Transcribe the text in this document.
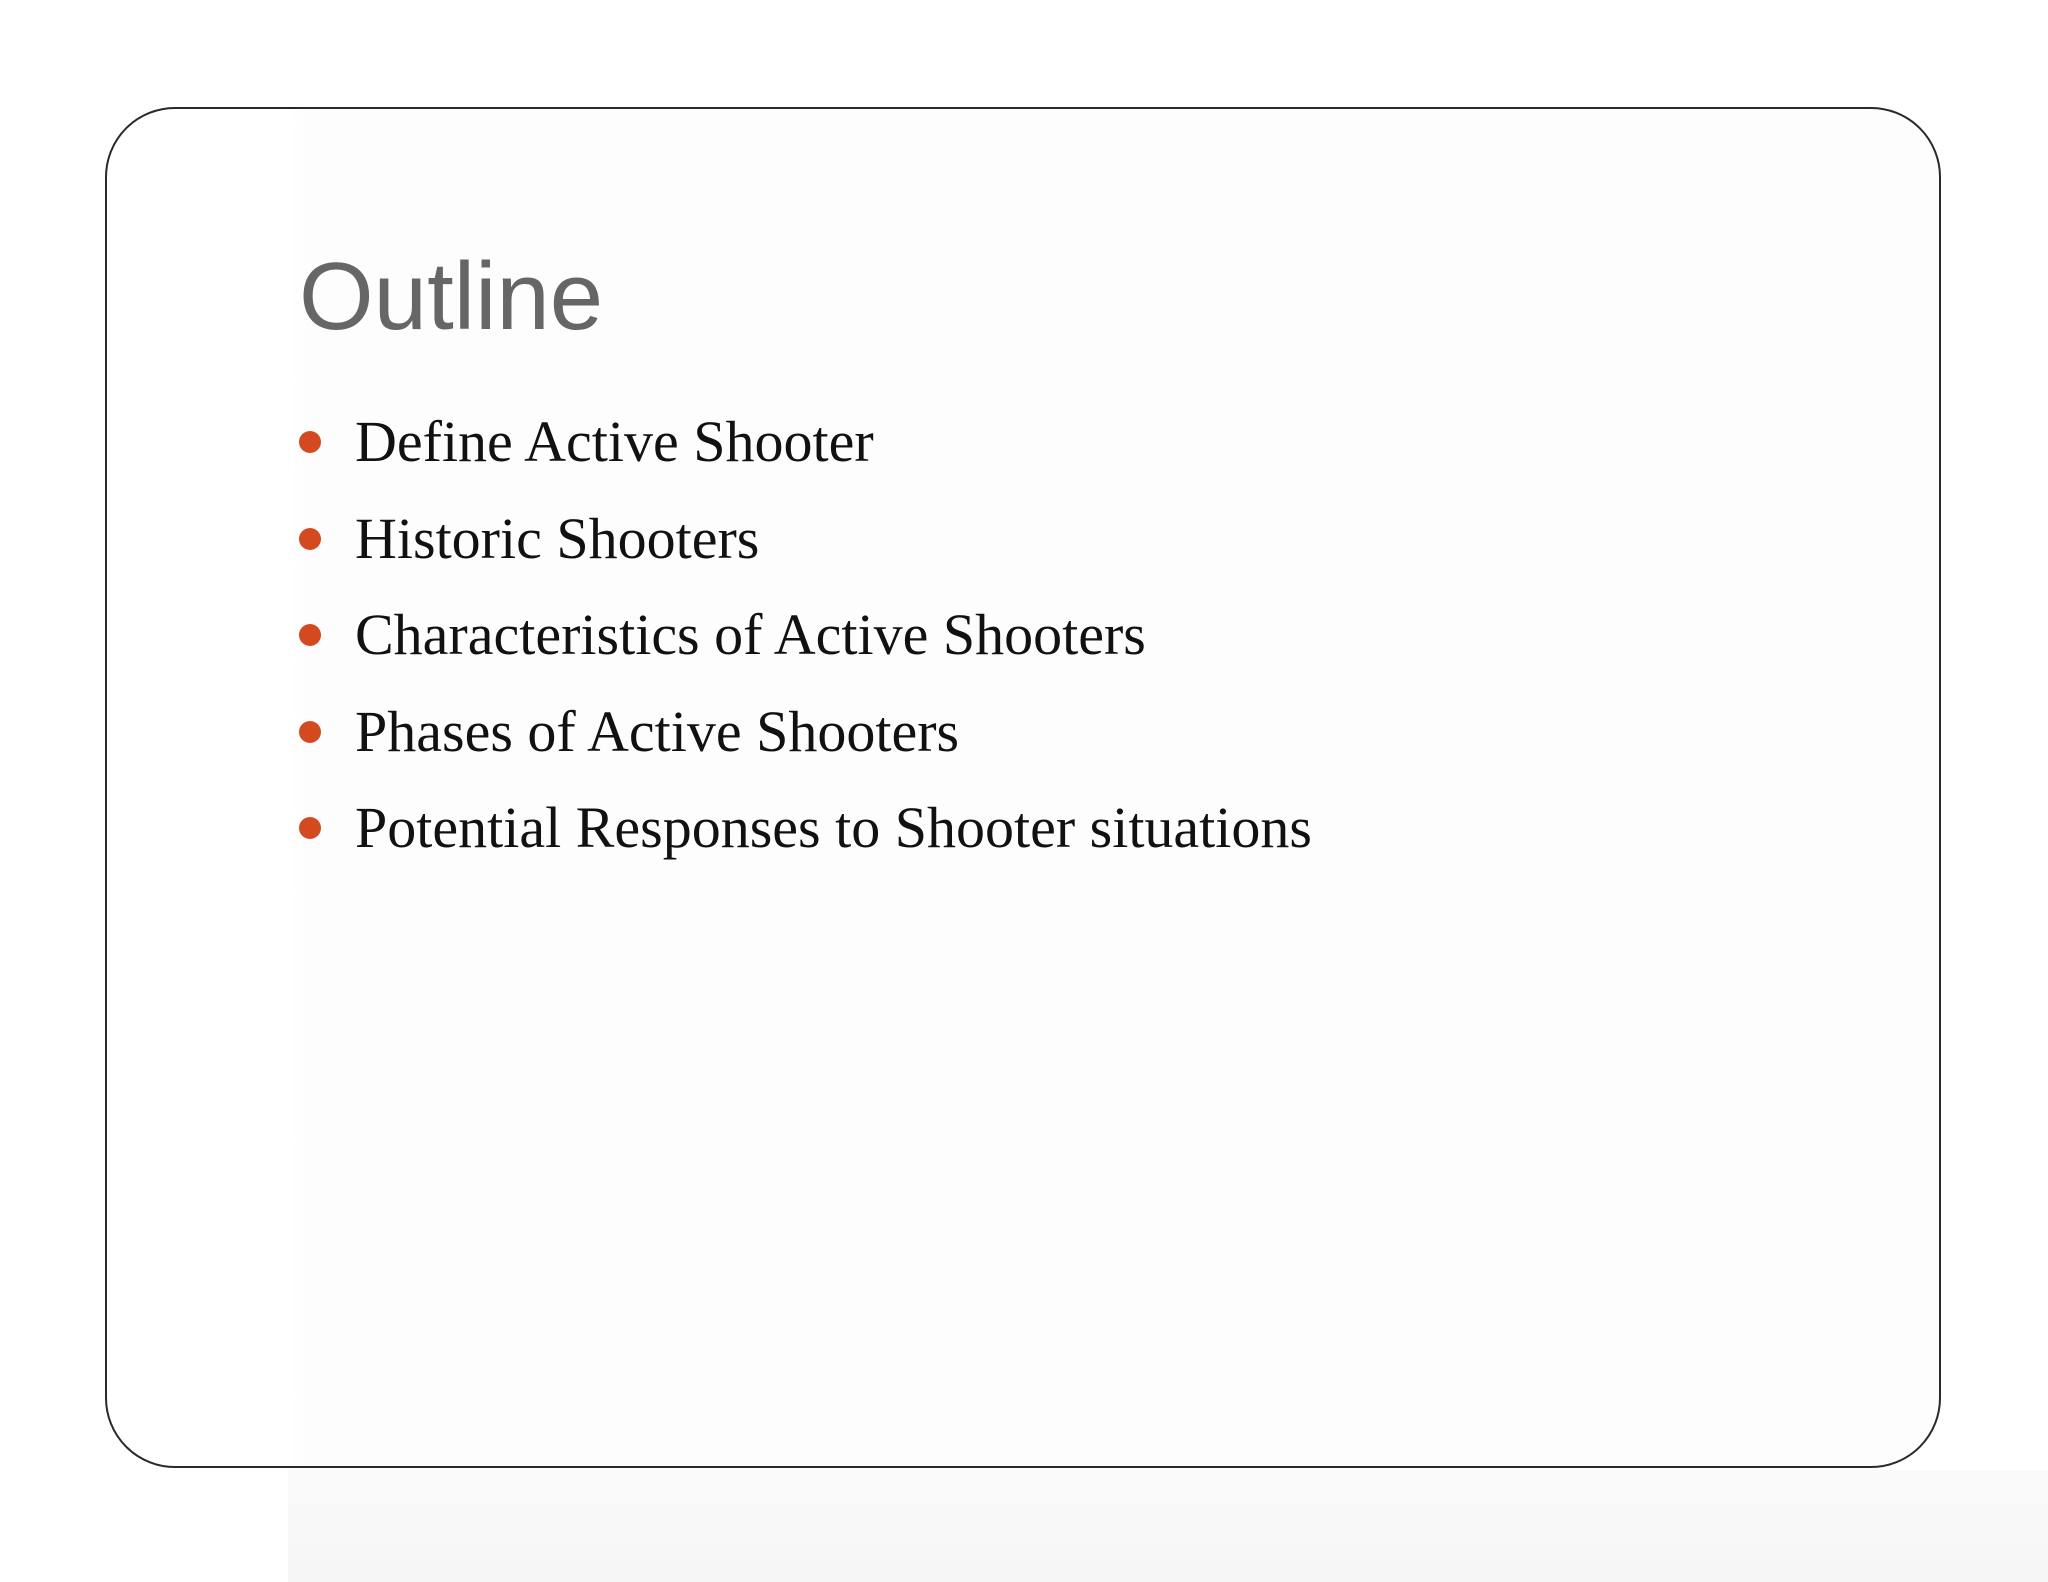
Outline
Define Active Shooter
Historic Shooters
Characteristics of Active Shooters
Phases of Active Shooters
Potential Responses to Shooter situations
